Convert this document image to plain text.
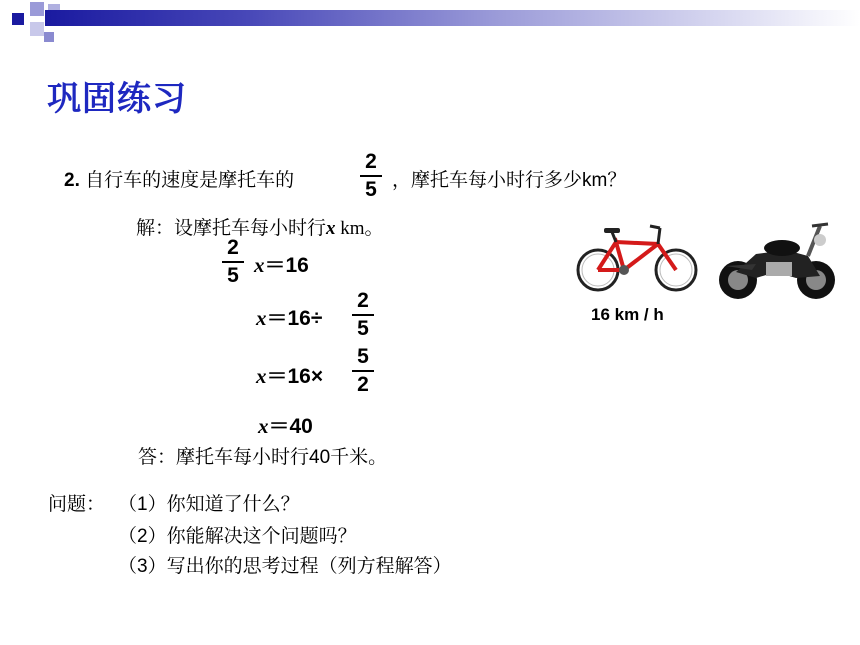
巩固练习
2. 自行车的速度是摩托车的
2
5 ，摩托车每小时行多少km？
解：设摩托车每小时行x km。
2
5 x＝16
x＝16÷
2
5
x＝16×
5
2
x＝40
答：摩托车每小时行40千米。
16 km / h
问题： （1）你知道了什么？
（2）你能解决这个问题吗？
（3）写出你的思考过程（列方程解答）
